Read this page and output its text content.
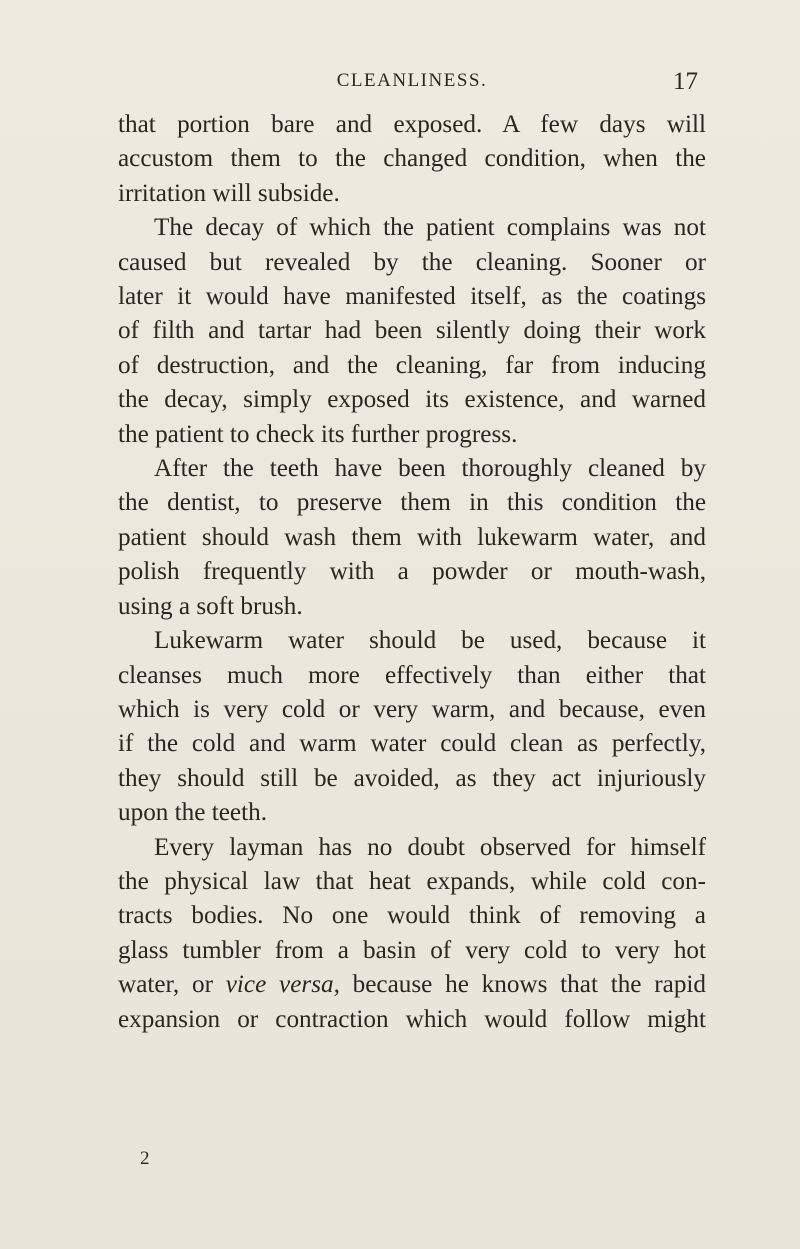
CLEANLINESS.	17

that portion bare and exposed. A few days will
accustom them to the changed condition, when the
irritation will subside.

The decay of which the patient complains was not
caused but revealed by the cleaning. Sooner or
later it would have manifested itself, as the coatings
of filth and tartar had been silently doing their work
of destruction, and the cleaning, far from inducing
the decay, simply exposed its existence, and warned
the patient to check its further progress.

After the teeth have been thoroughly cleaned by
the dentist, to preserve them in this condition the
patient should wash them with lukewarm water, and
polish frequently with a powder or mouth-wash,
using a soft brush.

Lukewarm water should be used, because it
cleanses much more effectively than either that
which is very cold or very warm, and because, even
if the cold and warm water could clean as perfectly,
they should still be avoided, as they act injuriously
upon the teeth.

Every layman has no doubt observed for himself
the physical law that heat expands, while cold con-
tracts bodies. No one would think of removing a
glass tumbler from a basin of very cold to very hot
water, or vice versa, because he knows that the rapid
expansion or contraction which would follow might

2
